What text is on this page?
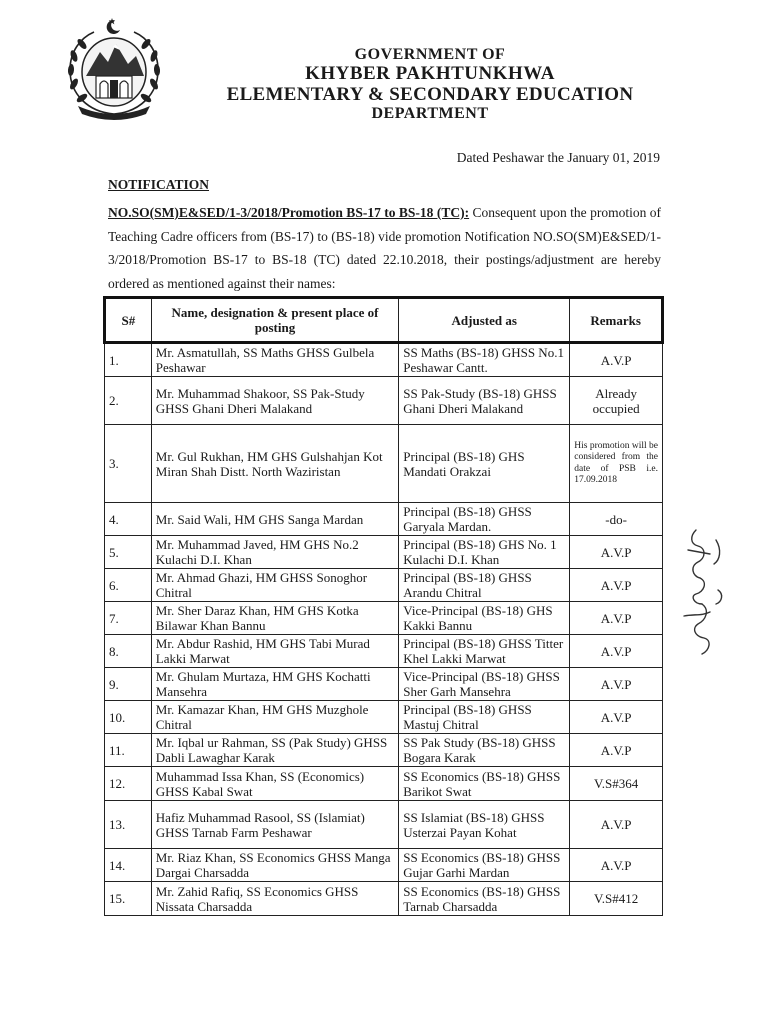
GOVERNMENT OF
KHYBER PAKHTUNKHWA
ELEMENTARY & SECONDARY EDUCATION
DEPARTMENT
Dated Peshawar the January 01, 2019
NOTIFICATION
NO.SO(SM)E&SED/1-3/2018/Promotion BS-17 to BS-18 (TC): Consequent upon the promotion of Teaching Cadre officers from (BS-17) to (BS-18) vide promotion Notification NO.SO(SM)E&SED/1-3/2018/Promotion BS-17 to BS-18 (TC) dated 22.10.2018, their postings/adjustment are hereby ordered as mentioned against their names:
S#	Name, designation & present place of posting	Adjusted as	Remarks
1.	Mr. Asmatullah, SS Maths GHSS Gulbela Peshawar	SS Maths (BS-18) GHSS No.1 Peshawar Cantt.	A.V.P
2.	Mr. Muhammad Shakoor, SS Pak-Study GHSS Ghani Dheri Malakand	SS Pak-Study (BS-18) GHSS Ghani Dheri Malakand	Already occupied
3.	Mr. Gul Rukhan, HM GHS Gulshahjan Kot Miran Shah Distt. North Waziristan	Principal (BS-18) GHS Mandati Orakzai	His promotion will be considered from the date of PSB i.e. 17.09.2018
4.	Mr. Said Wali, HM GHS Sanga Mardan	Principal (BS-18) GHSS Garyala Mardan.	-do-
5.	Mr. Muhammad Javed, HM GHS No.2 Kulachi D.I. Khan	Principal (BS-18) GHS No. 1 Kulachi D.I. Khan	A.V.P
6.	Mr. Ahmad Ghazi, HM GHSS Sonoghor Chitral	Principal (BS-18) GHSS Arandu Chitral	A.V.P
7.	Mr. Sher Daraz Khan, HM GHS Kotka Bilawar Khan Bannu	Vice-Principal (BS-18) GHS Kakki Bannu	A.V.P
8.	Mr. Abdur Rashid, HM GHS Tabi Murad Lakki Marwat	Principal (BS-18) GHSS Titter Khel Lakki Marwat	A.V.P
9.	Mr. Ghulam Murtaza, HM GHS Kochatti Mansehra	Vice-Principal (BS-18) GHSS Sher Garh Mansehra	A.V.P
10.	Mr. Kamazar Khan, HM GHS Muzghole Chitral	Principal (BS-18) GHSS Mastuj Chitral	A.V.P
11.	Mr. Iqbal ur Rahman, SS (Pak Study) GHSS Dabli Lawaghar Karak	SS Pak Study (BS-18) GHSS Bogara Karak	A.V.P
12.	Muhammad Issa Khan, SS (Economics) GHSS Kabal Swat	SS Economics (BS-18) GHSS Barikot Swat	V.S#364
13.	Hafiz Muhammad Rasool, SS (Islamiat) GHSS Tarnab Farm Peshawar	SS Islamiat (BS-18) GHSS Usterzai Payan Kohat	A.V.P
14.	Mr. Riaz Khan, SS Economics GHSS Manga Dargai Charsadda	SS Economics (BS-18) GHSS Gujar Garhi Mardan	A.V.P
15.	Mr. Zahid Rafiq, SS Economics GHSS Nissata Charsadda	SS Economics (BS-18) GHSS Tarnab Charsadda	V.S#412
